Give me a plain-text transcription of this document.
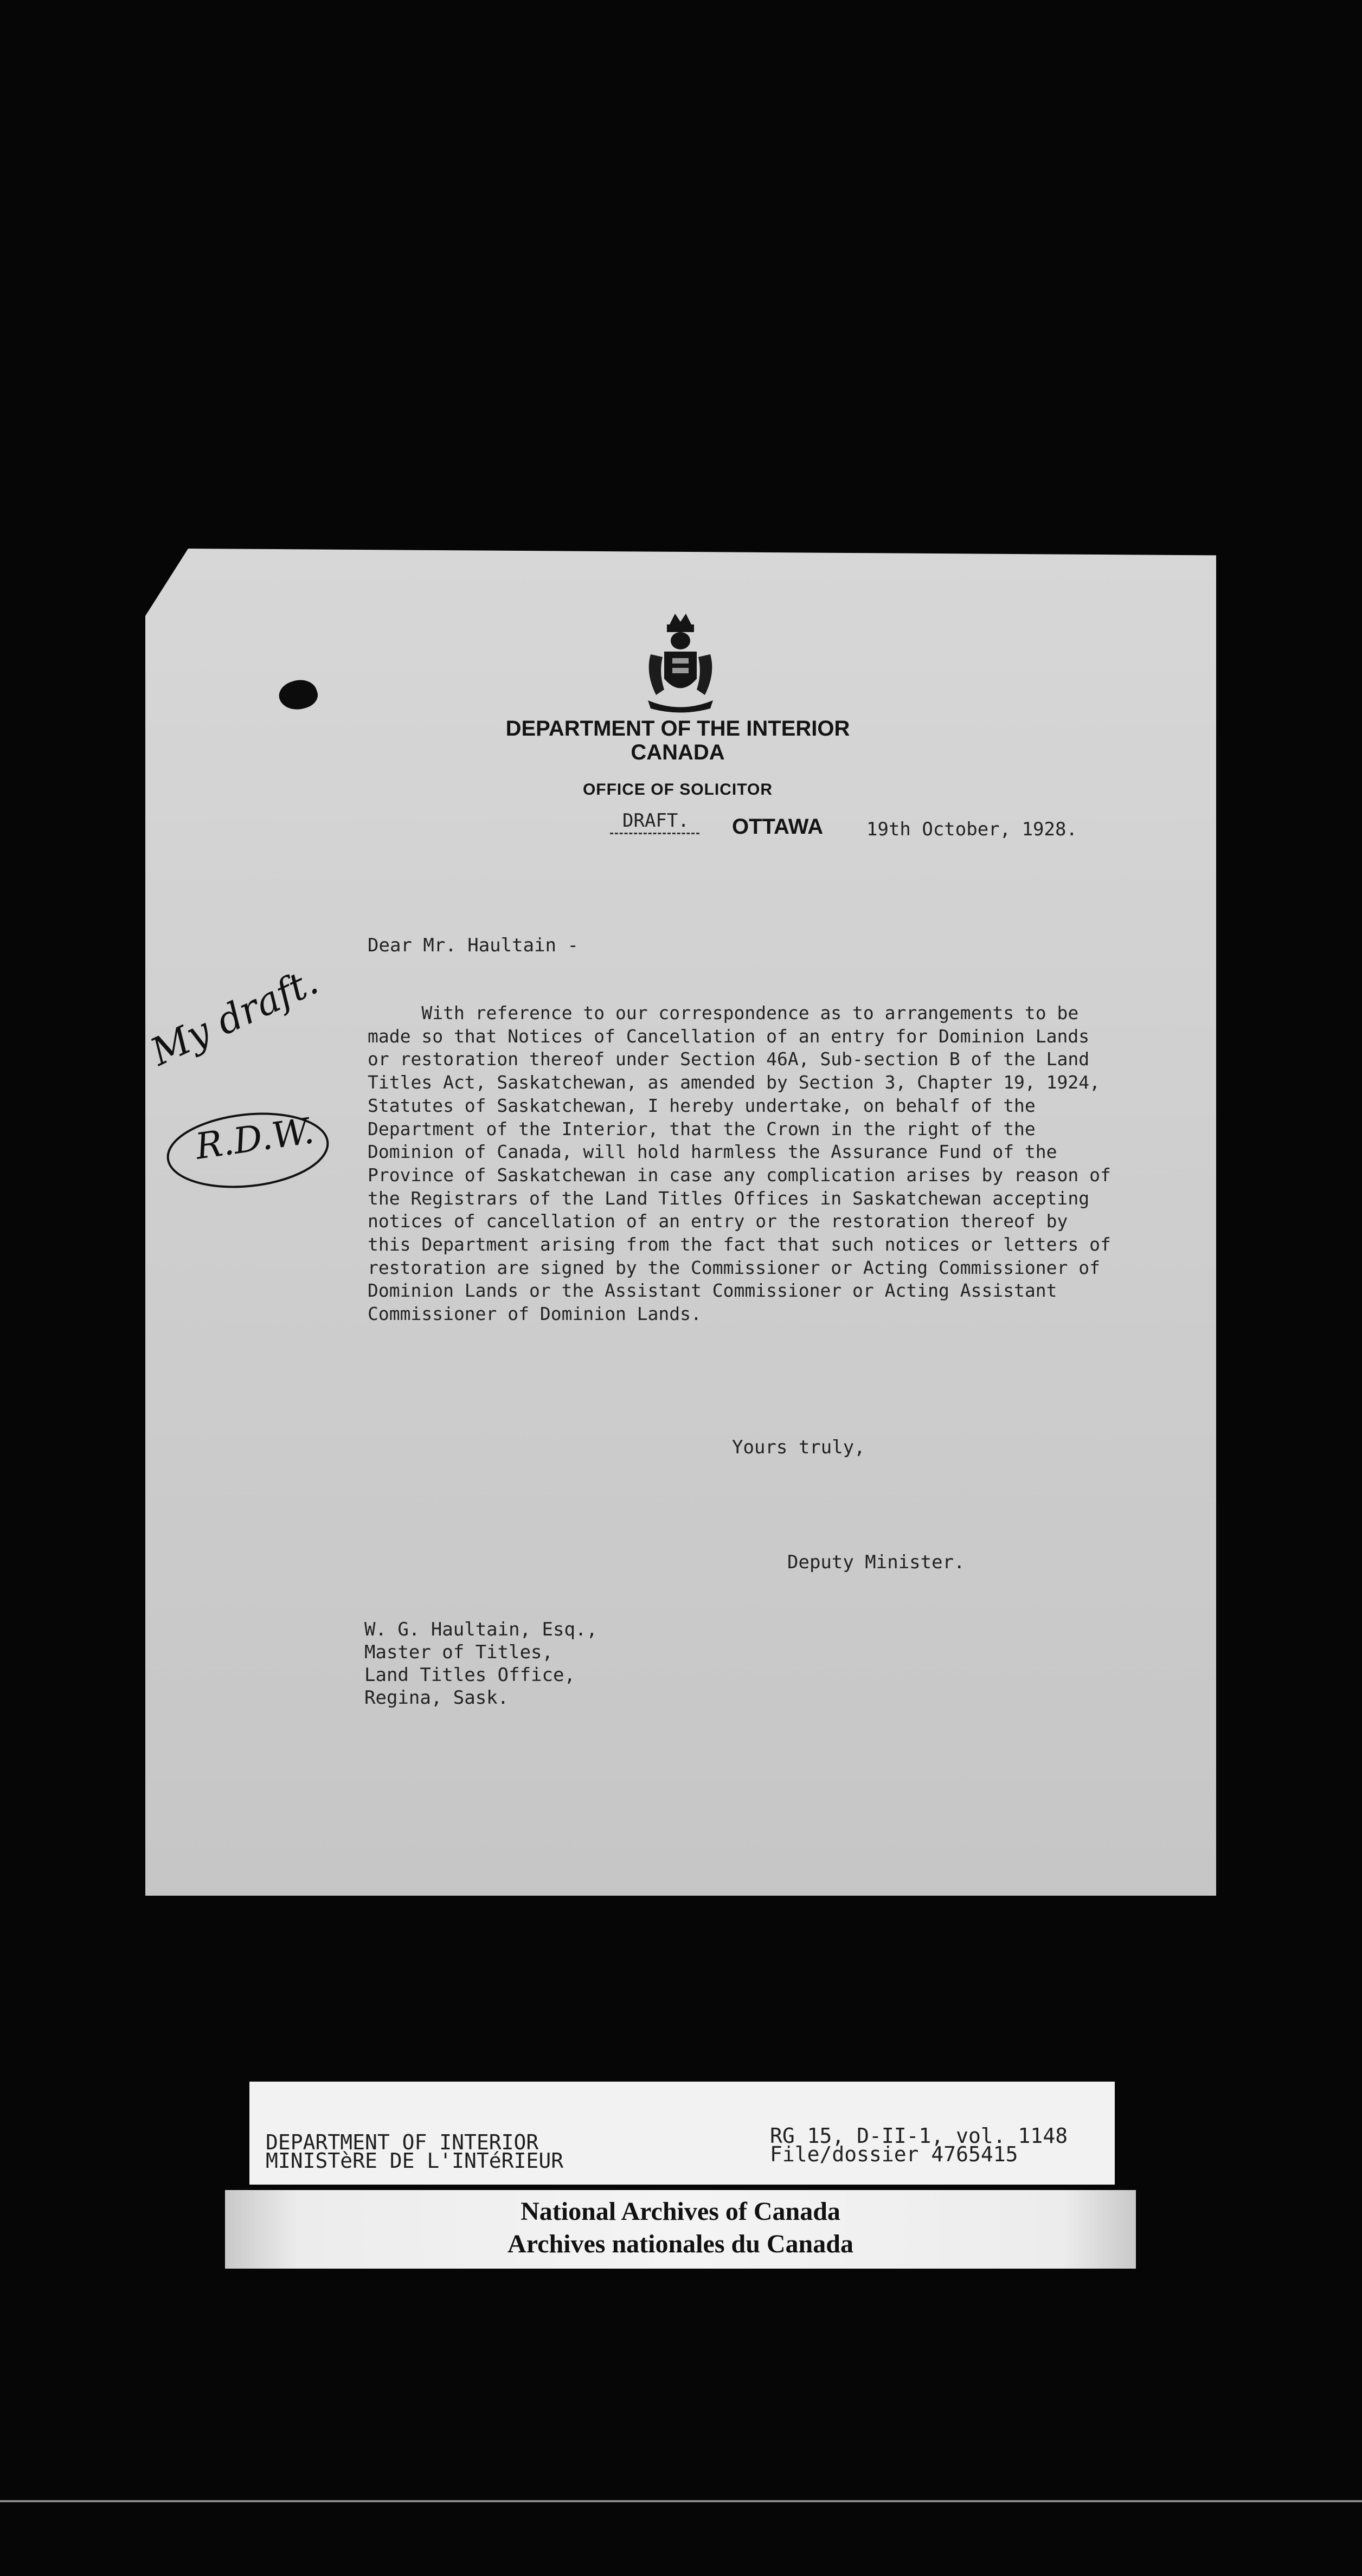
DEPARTMENT OF THE INTERIOR
CANADA
OFFICE OF SOLICITOR
DRAFT. OTTAWA 19th October, 1928.
Dear Mr. Haultain -
With reference to our correspondence as to arrangements to be
made so that Notices of Cancellation of an entry for Dominion Lands
or restoration thereof under Section 46A, Sub-section B of the Land
Titles Act, Saskatchewan, as amended by Section 3, Chapter 19, 1924,
Statutes of Saskatchewan, I hereby undertake, on behalf of the
Department of the Interior, that the Crown in the right of the
Dominion of Canada, will hold harmless the Assurance Fund of the
Province of Saskatchewan in case any complication arises by reason of
the Registrars of the Land Titles Offices in Saskatchewan accepting
notices of cancellation of an entry or the restoration thereof by
this Department arising from the fact that such notices or letters of
restoration are signed by the Commissioner or Acting Commissioner of
Dominion Lands or the Assistant Commissioner or Acting Assistant
Commissioner of Dominion Lands.
Yours truly,
Deputy Minister.
W. G. Haultain, Esq.,
Master of Titles,
Land Titles Office,
Regina, Sask.
My draft.
R.D.W.
DEPARTMENT OF INTERIOR
MINISTèRE DE L'INTéRIEUR
RG 15, D-II-1, vol. 1148
File/dossier 4765415
National Archives of Canada
Archives nationales du Canada
